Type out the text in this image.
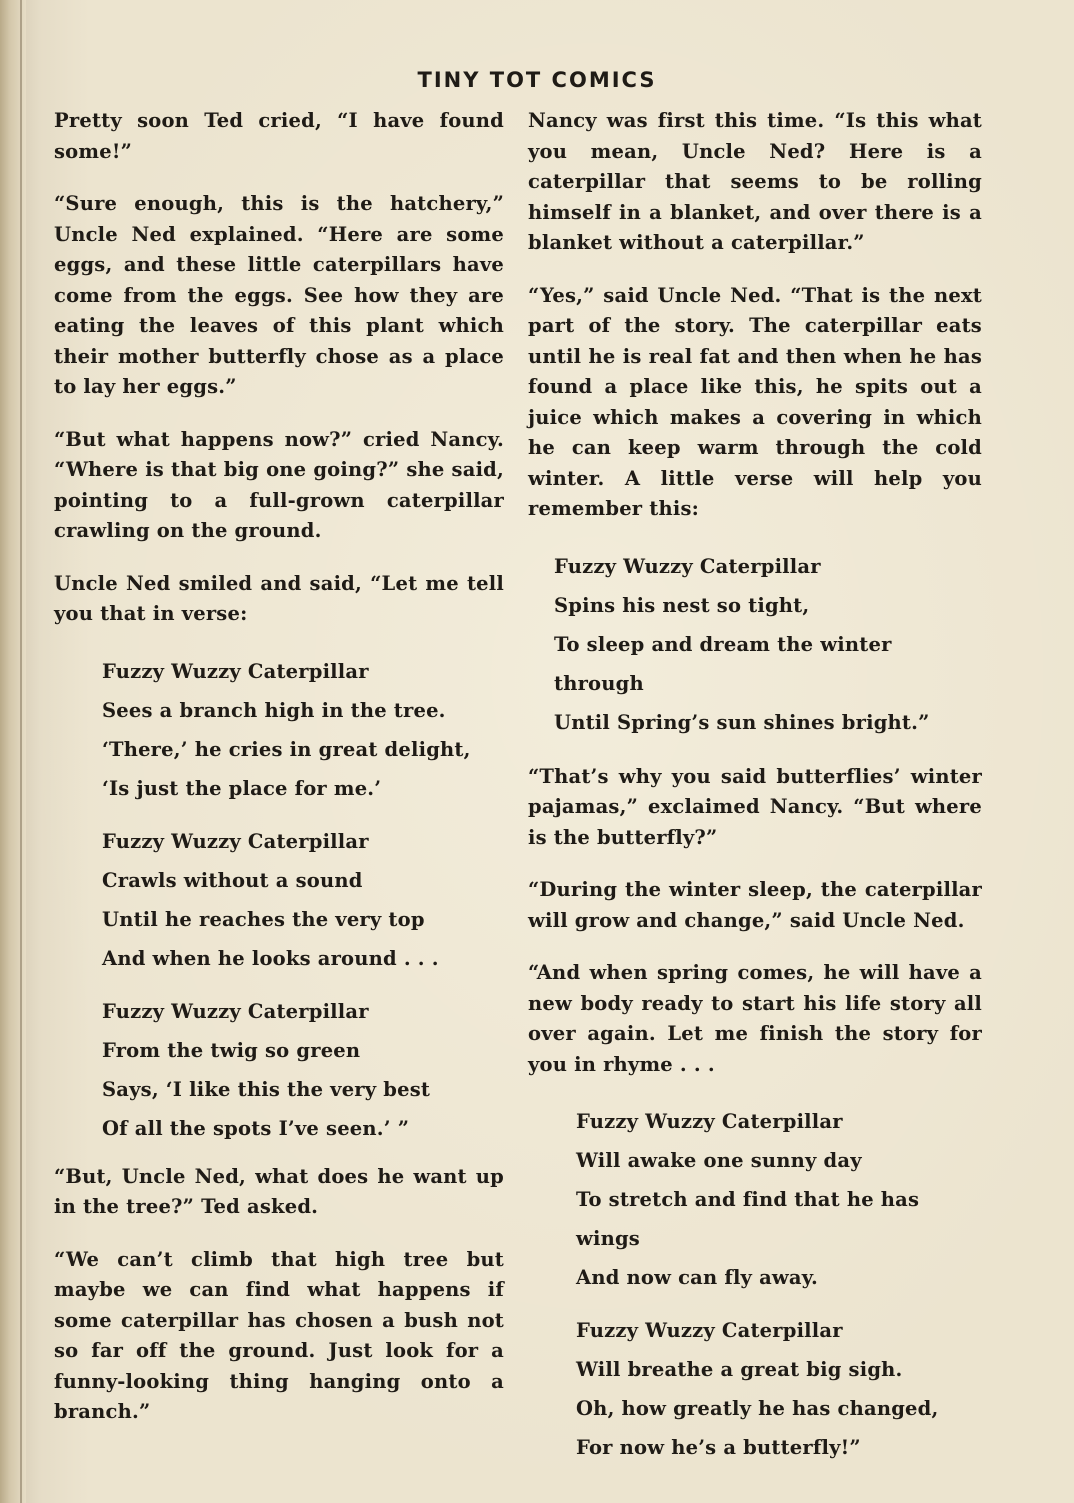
TINY TOT COMICS

Pretty soon Ted cried, “I have found some!”

“Sure enough, this is the hatchery,” Uncle Ned explained. “Here are some eggs, and these little caterpillars have come from the eggs. See how they are eating the leaves of this plant which their mother butterfly chose as a place to lay her eggs.”

“But what happens now?” cried Nancy. “Where is that big one going?” she said, pointing to a full-grown caterpillar crawling on the ground.

Uncle Ned smiled and said, “Let me tell you that in verse:

Fuzzy Wuzzy Caterpillar
Sees a branch high in the tree.
‘There,’ he cries in great delight,
‘Is just the place for me.’
Fuzzy Wuzzy Caterpillar
Crawls without a sound
Until he reaches the very top
And when he looks around . . .
Fuzzy Wuzzy Caterpillar
From the twig so green
Says, ‘I like this the very best
Of all the spots I’ve seen.’ ”

“But, Uncle Ned, what does he want up in the tree?” Ted asked.

“We can’t climb that high tree but maybe we can find what happens if some caterpillar has chosen a bush not so far off the ground. Just look for a funny-looking thing hanging onto a branch.”

Nancy was first this time. “Is this what you mean, Uncle Ned? Here is a caterpillar that seems to be rolling himself in a blanket, and over there is a blanket without a caterpillar.”

“Yes,” said Uncle Ned. “That is the next part of the story. The caterpillar eats until he is real fat and then when he has found a place like this, he spits out a juice which makes a covering in which he can keep warm through the cold winter. A little verse will help you remember this:

Fuzzy Wuzzy Caterpillar
Spins his nest so tight,
To sleep and dream the winter through
Until Spring’s sun shines bright.”

“That’s why you said butterflies’ winter pajamas,” exclaimed Nancy. “But where is the butterfly?”

“During the winter sleep, the caterpillar will grow and change,” said Uncle Ned.

“And when spring comes, he will have a new body ready to start his life story all over again. Let me finish the story for you in rhyme . . .

Fuzzy Wuzzy Caterpillar
Will awake one sunny day
To stretch and find that he has wings
And now can fly away.
Fuzzy Wuzzy Caterpillar
Will breathe a great big sigh.
Oh, how greatly he has changed,
For now he’s a butterfly!”
